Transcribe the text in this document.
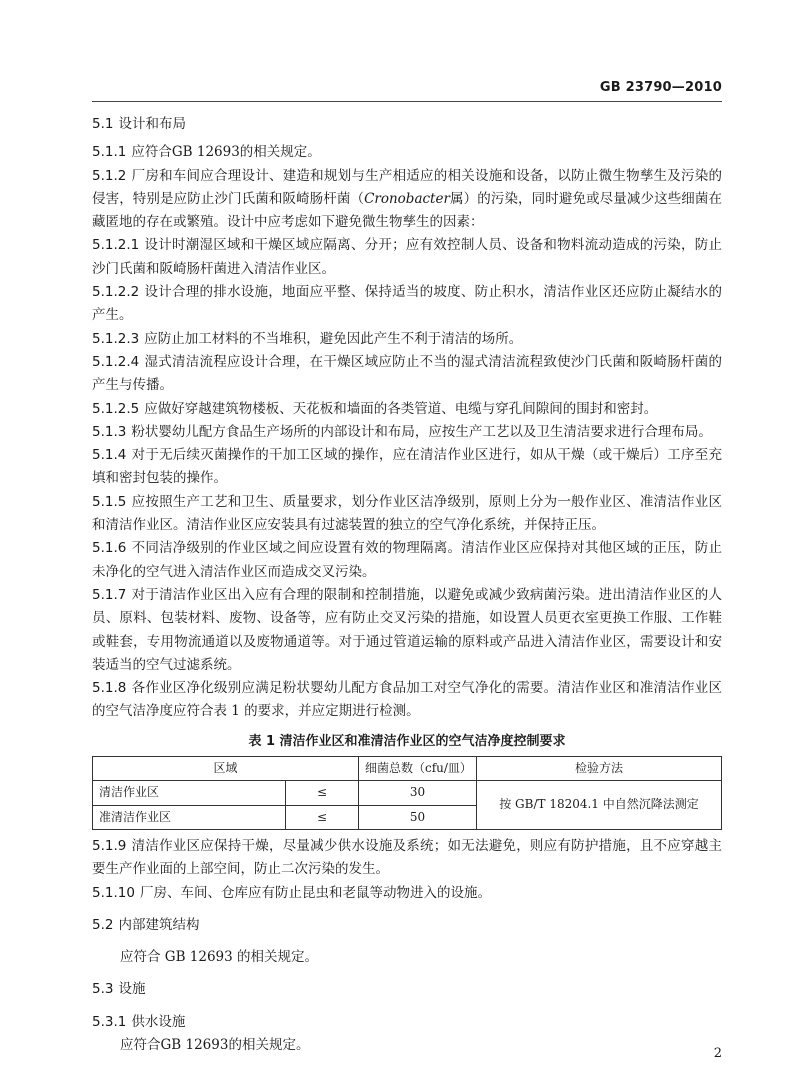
GB 23790—2010

5.1 设计和布局

5.1.1 应符合GB 12693的相关规定。

5.1.2 厂房和车间应合理设计、建造和规划与生产相适应的相关设施和设备，以防止微生物孳生及污染的侵害，特别是应防止沙门氏菌和阪崎肠杆菌（Cronobacter属）的污染，同时避免或尽量减少这些细菌在藏匿地的存在或繁殖。设计中应考虑如下避免微生物孳生的因素：

5.1.2.1 设计时潮湿区域和干燥区域应隔离、分开；应有效控制人员、设备和物料流动造成的污染，防止沙门氏菌和阪崎肠杆菌进入清洁作业区。

5.1.2.2 设计合理的排水设施，地面应平整、保持适当的坡度、防止积水，清洁作业区还应防止凝结水的产生。

5.1.2.3 应防止加工材料的不当堆积，避免因此产生不利于清洁的场所。

5.1.2.4 湿式清洁流程应设计合理，在干燥区域应防止不当的湿式清洁流程致使沙门氏菌和阪崎肠杆菌的产生与传播。

5.1.2.5 应做好穿越建筑物楼板、天花板和墙面的各类管道、电缆与穿孔间隙间的围封和密封。

5.1.3 粉状婴幼儿配方食品生产场所的内部设计和布局，应按生产工艺以及卫生清洁要求进行合理布局。

5.1.4 对于无后续灭菌操作的干加工区域的操作，应在清洁作业区进行，如从干燥（或干燥后）工序至充填和密封包装的操作。

5.1.5 应按照生产工艺和卫生、质量要求，划分作业区洁净级别，原则上分为一般作业区、准清洁作业区和清洁作业区。清洁作业区应安装具有过滤装置的独立的空气净化系统，并保持正压。

5.1.6 不同洁净级别的作业区域之间应设置有效的物理隔离。清洁作业区应保持对其他区域的正压，防止未净化的空气进入清洁作业区而造成交叉污染。

5.1.7 对于清洁作业区出入应有合理的限制和控制措施，以避免或减少致病菌污染。进出清洁作业区的人员、原料、包装材料、废物、设备等，应有防止交叉污染的措施，如设置人员更衣室更换工作服、工作鞋或鞋套，专用物流通道以及废物通道等。对于通过管道运输的原料或产品进入清洁作业区，需要设计和安装适当的空气过滤系统。

5.1.8 各作业区净化级别应满足粉状婴幼儿配方食品加工对空气净化的需要。清洁作业区和准清洁作业区的空气洁净度应符合表 1 的要求，并应定期进行检测。

表 1 清洁作业区和准清洁作业区的空气洁净度控制要求
区域		细菌总数（cfu/皿）	检验方法
清洁作业区	≤	30	按 GB/T 18204.1 中自然沉降法测定
准清洁作业区	≤	50	

5.1.9 清洁作业区应保持干燥，尽量减少供水设施及系统；如无法避免，则应有防护措施，且不应穿越主要生产作业面的上部空间，防止二次污染的发生。

5.1.10 厂房、车间、仓库应有防止昆虫和老鼠等动物进入的设施。

5.2 内部建筑结构

应符合 GB 12693 的相关规定。

5.3 设施

5.3.1 供水设施

应符合GB 12693的相关规定。

2
